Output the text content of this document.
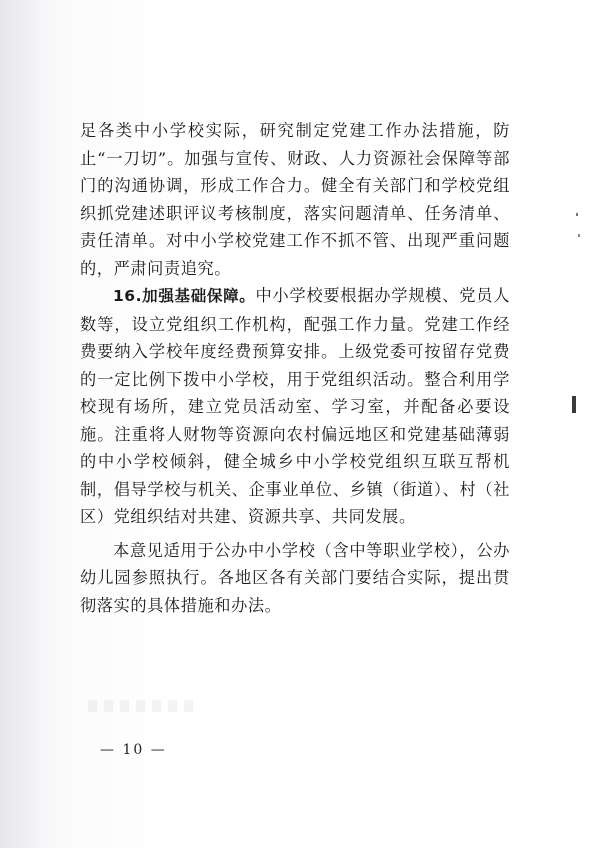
足各类中小学校实际，研究制定党建工作办法措施，防止“一刀切”。加强与宣传、财政、人力资源社会保障等部门的沟通协调，形成工作合力。健全有关部门和学校党组织抓党建述职评议考核制度，落实问题清单、任务清单、责任清单。对中小学校党建工作不抓不管、出现严重问题的，严肃问责追究。

16.加强基础保障。中小学校要根据办学规模、党员人数等，设立党组织工作机构，配强工作力量。党建工作经费要纳入学校年度经费预算安排。上级党委可按留存党费的一定比例下拨中小学校，用于党组织活动。整合利用学校现有场所，建立党员活动室、学习室，并配备必要设施。注重将人财物等资源向农村偏远地区和党建基础薄弱的中小学校倾斜，健全城乡中小学校党组织互联互帮机制，倡导学校与机关、企事业单位、乡镇（街道）、村（社区）党组织结对共建、资源共享、共同发展。

本意见适用于公办中小学校（含中等职业学校），公办幼儿园参照执行。各地区各有关部门要结合实际，提出贯彻落实的具体措施和办法。

— 10 —
